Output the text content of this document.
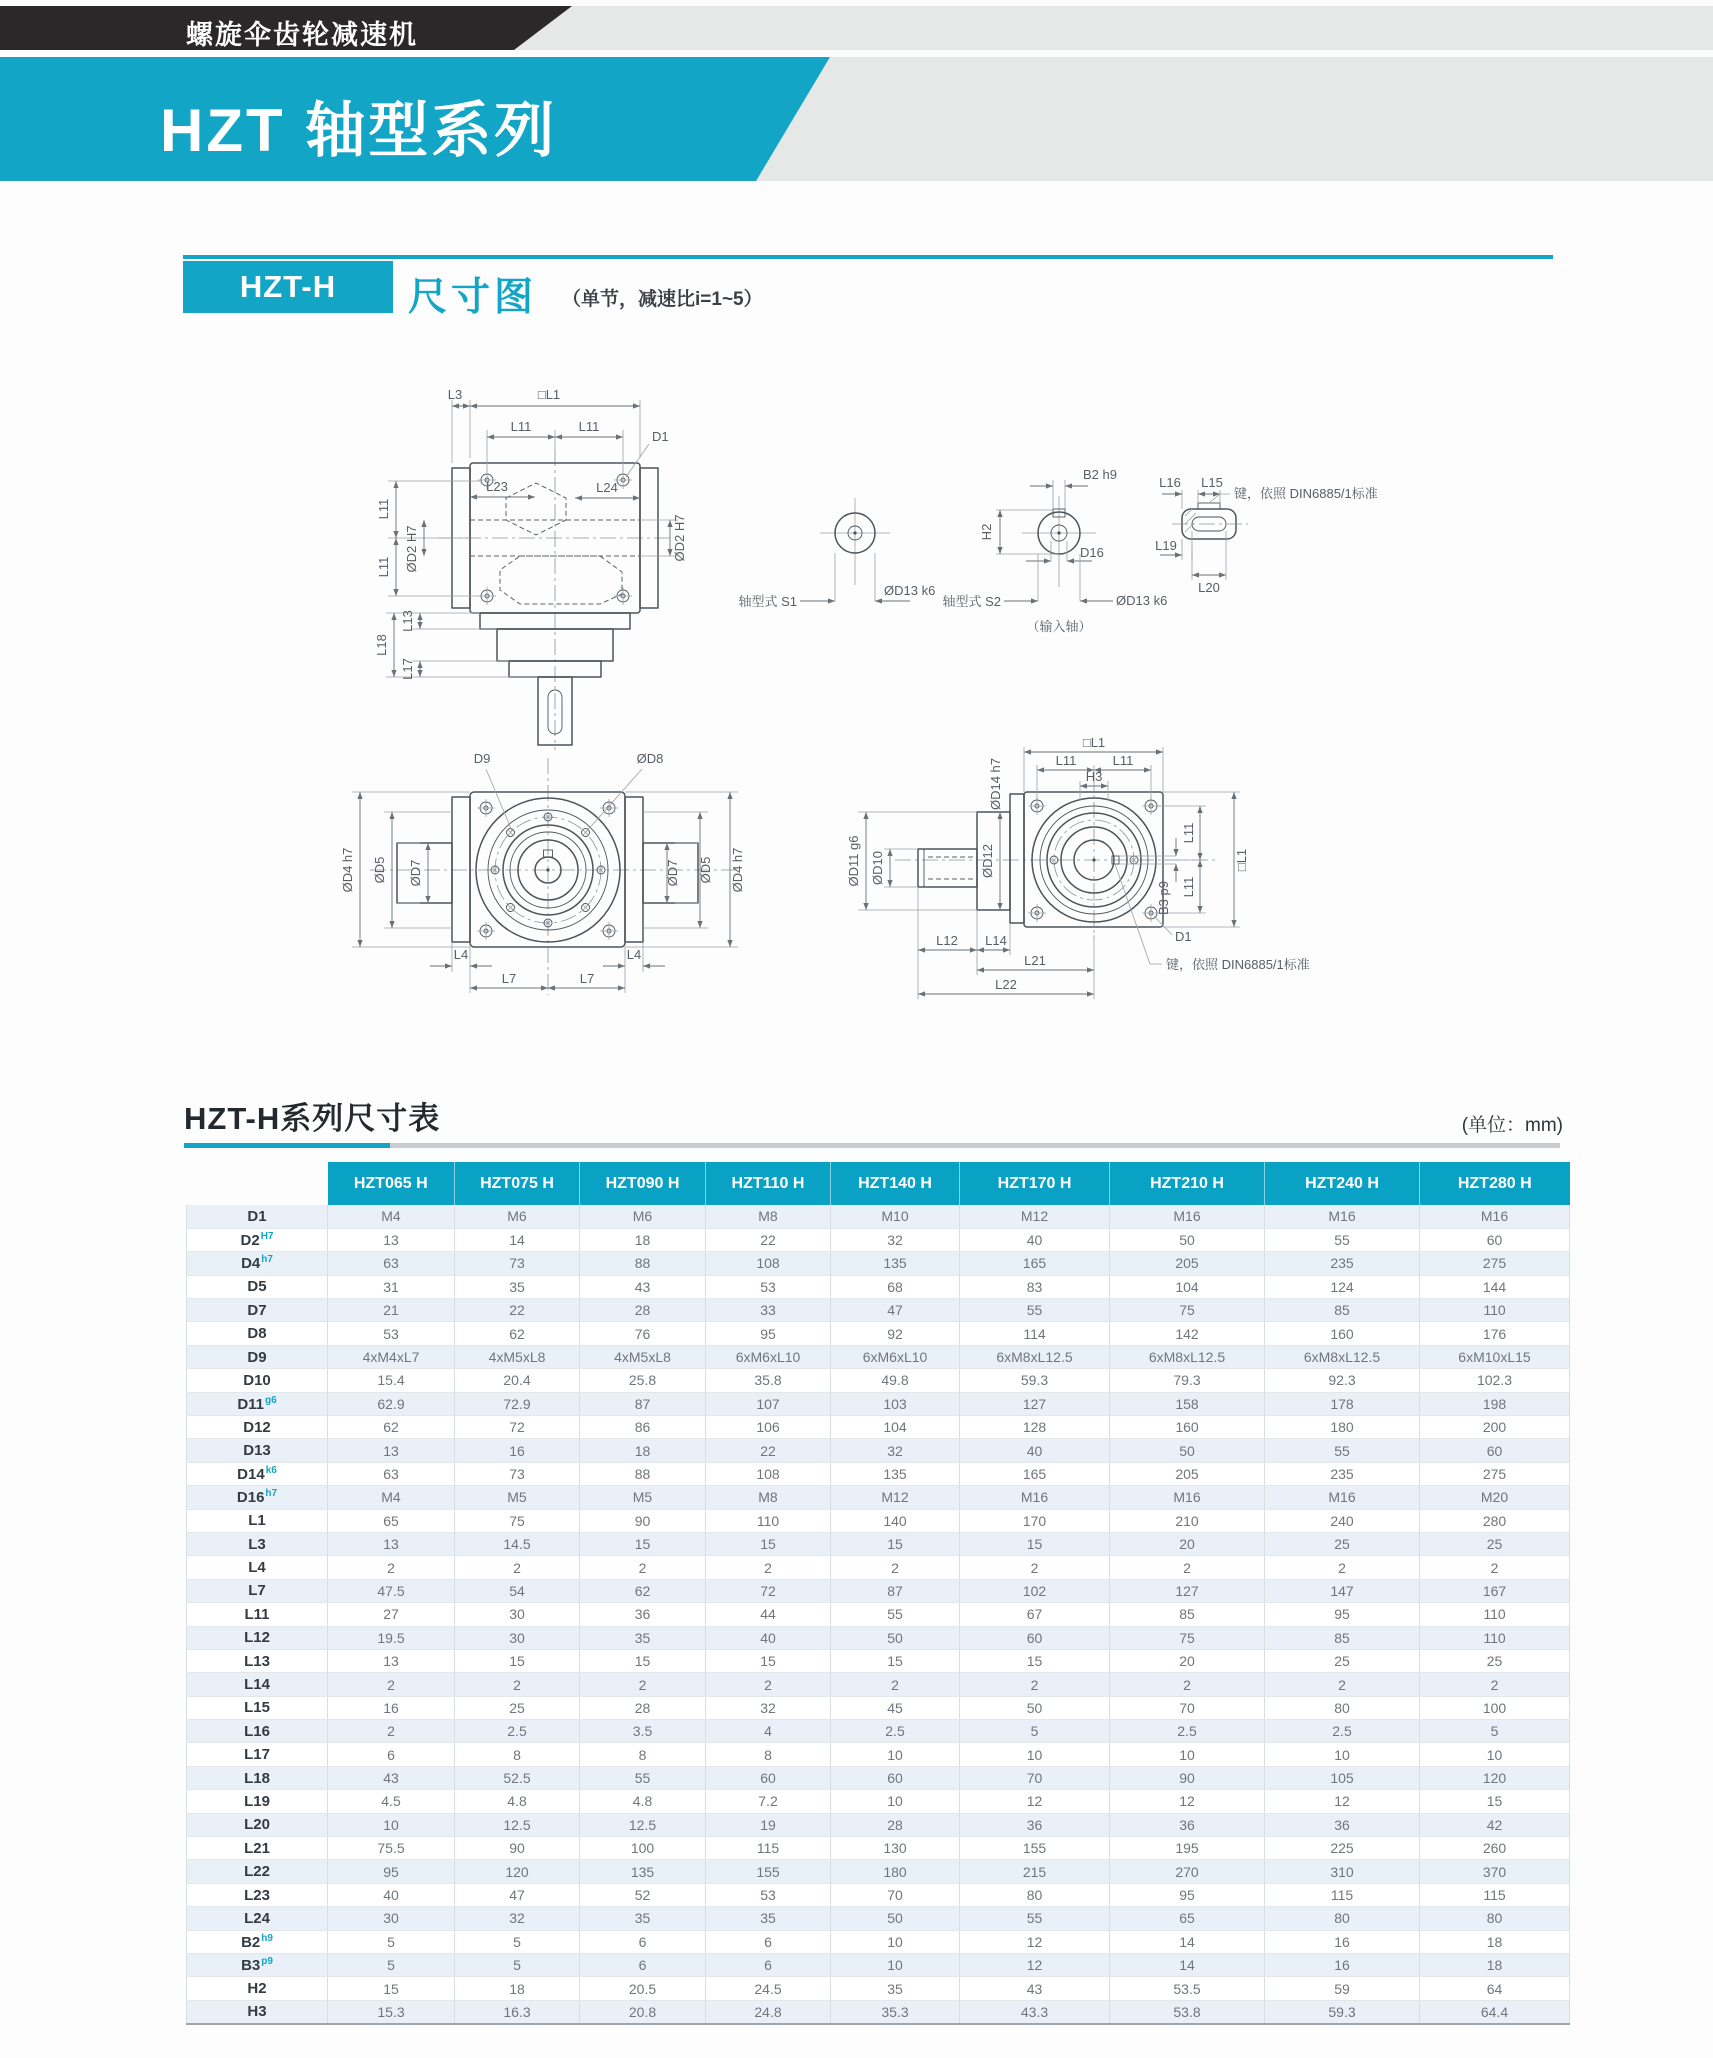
螺旋伞齿轮减速机
HZT 轴型系列
HZT-H	尺寸图 （单节，减速比i=1~5）
L3	□L1
L11	L11
D1
L23	L24
ØD2 H7
L11
L11 ØD2 H7
L13
L18
L17
轴型式 S1
ØD13 k6
B2 h9
H2
D16
轴型式 S2	ØD13 k6
（输入轴）
L16 L15
L19
L20
键，依照 DIN6885/1标准
D9	ØD8
ØD4 h7 ØD5 ØD7	ØD7 ØD5 ØD4 h7
L4	L4
L7	L7
□L1
L11	L11
H3
ØD14 h7
ØD11 g6 ØD10	ØD12
L12 L14
L21
L22
L11
L11
B3 p9
□L1
D1
键，依照 DIN6885/1标准
HZT-H系列尺寸表	(单位：mm)
	HZT065 H	HZT075 H	HZT090 H	HZT110 H	HZT140 H	HZT170 H	HZT210 H	HZT240 H	HZT280 H
D1	M4	M6	M6	M8	M10	M12	M16	M16	M16
$D2^{H7}$	13	14	18	22	32	40	50	55	60
$D4^{h7}$	63	73	88	108	135	165	205	235	275
D5	31	35	43	53	68	83	104	124	144
D7	21	22	28	33	47	55	75	85	110
D8	53	62	76	95	92	114	142	160	176
D9	4xM4xL7	4xM5xL8	4xM5xL8	6xM6xL10	6xM6xL10	6xM8xL12.5	6xM8xL12.5	6xM8xL12.5	6xM10xL15
D10	15.4	20.4	25.8	35.8	49.8	59.3	79.3	92.3	102.3
$D11^{g6}$	62.9	72.9	87	107	103	127	158	178	198
D12	62	72	86	106	104	128	160	180	200
D13	13	16	18	22	32	40	50	55	60
$D14^{k6}$	63	73	88	108	135	165	205	235	275
$D16^{h7}$	M4	M5	M5	M8	M12	M16	M16	M16	M20
L1	65	75	90	110	140	170	210	240	280
L3	13	14.5	15	15	15	15	20	25	25
L4	2	2	2	2	2	2	2	2	2
L7	47.5	54	62	72	87	102	127	147	167
L11	27	30	36	44	55	67	85	95	110
L12	19.5	30	35	40	50	60	75	85	110
L13	13	15	15	15	15	15	20	25	25
L14	2	2	2	2	2	2	2	2	2
L15	16	25	28	32	45	50	70	80	100
L16	2	2.5	3.5	4	2.5	5	2.5	2.5	5
L17	6	8	8	8	10	10	10	10	10
L18	43	52.5	55	60	60	70	90	105	120
L19	4.5	4.8	4.8	7.2	10	12	12	12	15
L20	10	12.5	12.5	19	28	36	36	36	42
L21	75.5	90	100	115	130	155	195	225	260
L22	95	120	135	155	180	215	270	310	370
L23	40	47	52	53	70	80	95	115	115
L24	30	32	35	35	50	55	65	80	80
$B2^{h9}$	5	5	6	6	10	12	14	16	18
$B3^{p9}$	5	5	6	6	10	12	14	16	18
H2	15	18	20.5	24.5	35	43	53.5	59	64
H3	15.3	16.3	20.8	24.8	35.3	43.3	53.8	59.3	64.4
